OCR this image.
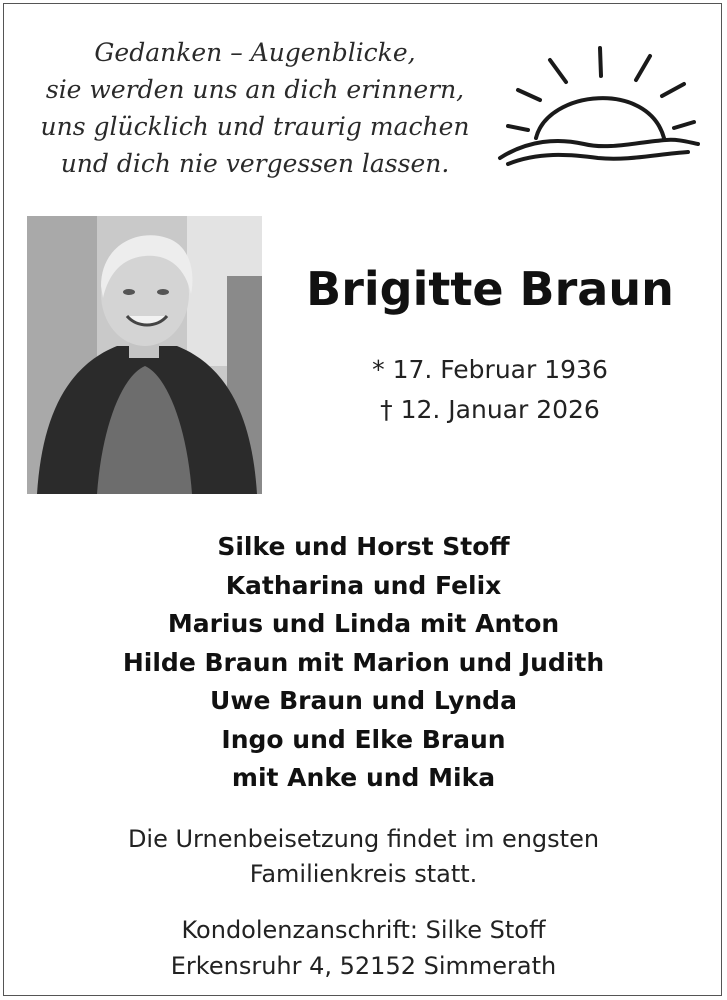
Gedanken – Augenblicke,
sie werden uns an dich erinnern,
uns glücklich und traurig machen
und dich nie vergessen lassen.
Brigitte Braun
* 17. Februar 1936
† 12. Januar 2026
Silke und Horst Stoff
Katharina und Felix
Marius und Linda mit Anton
Hilde Braun mit Marion und Judith
Uwe Braun und Lynda
Ingo und Elke Braun
mit Anke und Mika
Die Urnenbeisetzung findet im engsten
Familienkreis statt.
Kondolenzanschrift: Silke Stoff
Erkensruhr 4, 52152 Simmerath
